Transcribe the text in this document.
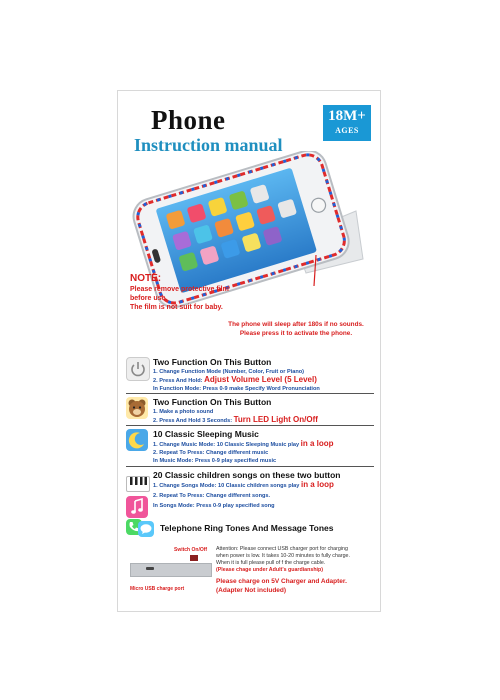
Phone
Instruction manual
18M+
AGES
NOTE:
Please remove protective film
before use.
The film is not suit for baby.
The phone will sleep after 180s if no sounds.
Please press it to activate the phone.
Two Function On This Button
1. Change Function Mode (Number, Color, Fruit or Piano)
2. Press And Hold: Adjust Volume Level (5 Level)
In Function Mode: Press 0-9 make Specify Word Pronunciation
Two Function On This Button
1. Make a photo sound
2. Press And Hold 3 Seconds: Turn LED Light On/Off
10 Classic Sleeping Music
1. Change Music Mode: 10 Classic Sleeping Music play in a loop
2. Repeat To Press: Change different music
In Music Mode: Press 0-9 play specified music
20 Classic children songs on these two button
1. Change Songs Mode: 10 Classic children songs play in a loop
2. Repeat To Press: Change different songs.
In Songs Mode: Press 0-9 play specified song
Telephone Ring Tones And Message Tones
Switch On/Off
Micro USB charge port
Attention: Please connect USB charger port for charging
when power is low. It takes 10-20 minutes to fully charge.
When it is full please pull of f the charge cable.
(Please chage under Adult's guardianship)
Please charge on 5V Charger and Adapter.
(Adapter Not included)
